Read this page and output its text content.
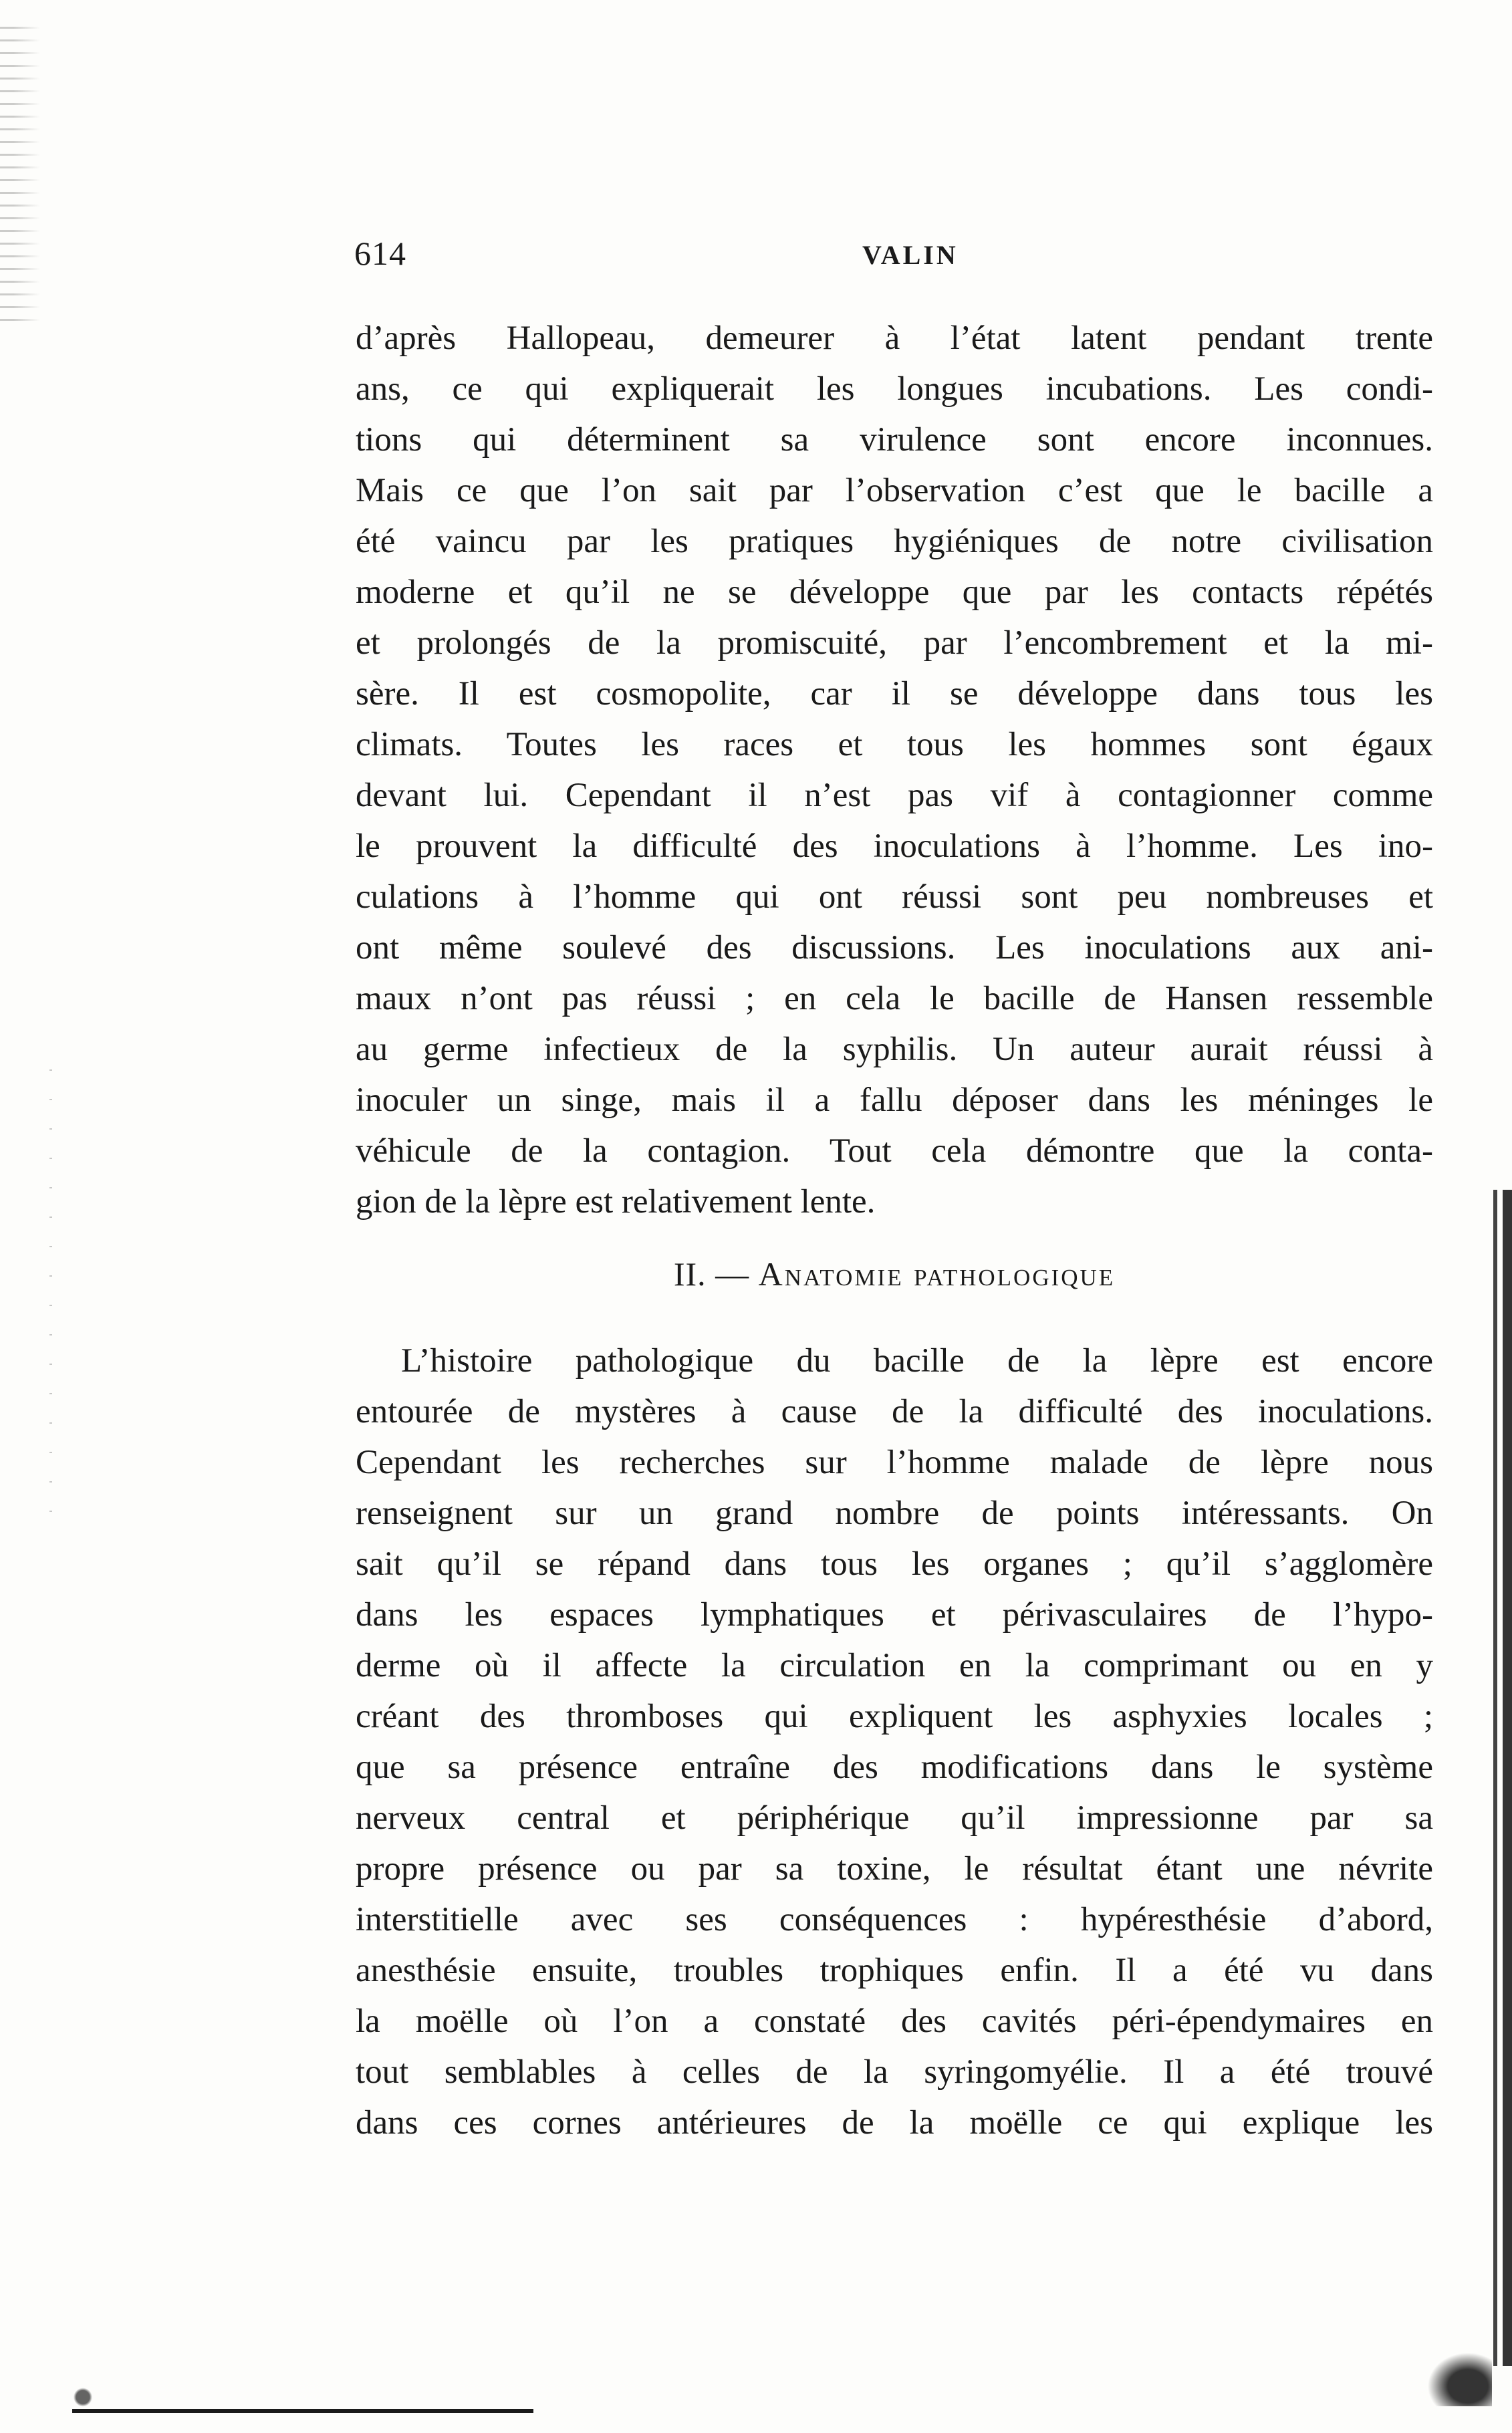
614	VALIN
d’après Hallopeau, demeurer à l’état latent pendant trente
ans, ce qui expliquerait les longues incubations. Les condi-
tions qui déterminent sa virulence sont encore inconnues.
Mais ce que l’on sait par l’observation c’est que le bacille a
été vaincu par les pratiques hygiéniques de notre civilisation
moderne et qu’il ne se développe que par les contacts répétés
et prolongés de la promiscuité, par l’encombrement et la mi-
sère. Il est cosmopolite, car il se développe dans tous les
climats. Toutes les races et tous les hommes sont égaux
devant lui. Cependant il n’est pas vif à contagionner comme
le prouvent la difficulté des inoculations à l’homme. Les ino-
culations à l’homme qui ont réussi sont peu nombreuses et
ont même soulevé des discussions. Les inoculations aux ani-
maux n’ont pas réussi ; en cela le bacille de Hansen ressemble
au germe infectieux de la syphilis. Un auteur aurait réussi à
inoculer un singe, mais il a fallu déposer dans les méninges le
véhicule de la contagion. Tout cela démontre que la conta-
gion de la lèpre est relativement lente.
II. — Anatomie pathologique
L’histoire pathologique du bacille de la lèpre est encore
entourée de mystères à cause de la difficulté des inoculations.
Cependant les recherches sur l’homme malade de lèpre nous
renseignent sur un grand nombre de points intéressants. On
sait qu’il se répand dans tous les organes ; qu’il s’agglomère
dans les espaces lymphatiques et périvasculaires de l’hypo-
derme où il affecte la circulation en la comprimant ou en y
créant des thromboses qui expliquent les asphyxies locales ;
que sa présence entraîne des modifications dans le système
nerveux central et périphérique qu’il impressionne par sa
propre présence ou par sa toxine, le résultat étant une névrite
interstitielle avec ses conséquences : hypéresthésie d’abord,
anesthésie ensuite, troubles trophiques enfin. Il a été vu dans
la moëlle où l’on a constaté des cavités péri-épendymaires en
tout semblables à celles de la syringomyélie. Il a été trouvé
dans ces cornes antérieures de la moëlle ce qui explique les
